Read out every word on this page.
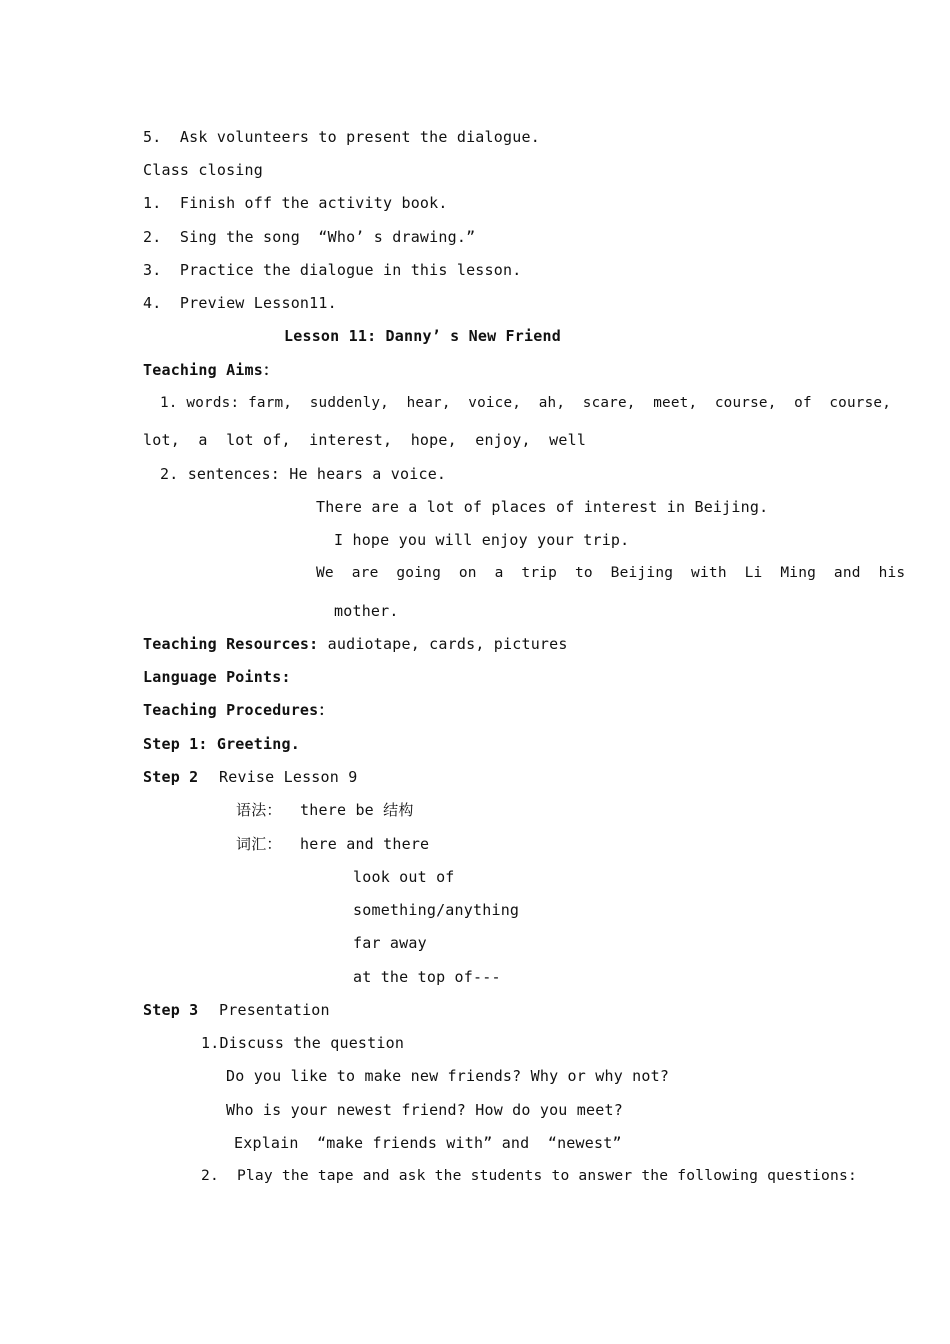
5.  Ask volunteers to present the dialogue.
Class closing
1.  Finish off the activity book.
2.  Sing the song  “Who’ s drawing.”
3.  Practice the dialogue in this lesson.
4.  Preview Lesson11.
Lesson 11: Danny’ s New Friend
Teaching Aims：
1. words: farm,  suddenly,  hear,  voice,  ah,  scare,  meet,  course,  of  course,
lot,  a  lot of,  interest,  hope,  enjoy,  well
2. sentences: He hears a voice.
There are a lot of places of interest in Beijing.
I hope you will enjoy your trip.
We  are  going  on  a  trip  to  Beijing  with  Li  Ming  and  his
mother.
Teaching Resources: audiotape, cards, pictures
Language Points:
Teaching Procedures：
Step 1: Greeting.
Step 2 Revise Lesson 9
语法：  there be 结构
词汇：  here and there
look out of
something/anything
far away
at the top of---
Step 3 Presentation
1.Discuss the question
Do you like to make new friends? Why or why not?
Who is your newest friend? How do you meet?
Explain  “make friends with” and  “newest”
2.  Play the tape and ask the students to answer the following questions:
